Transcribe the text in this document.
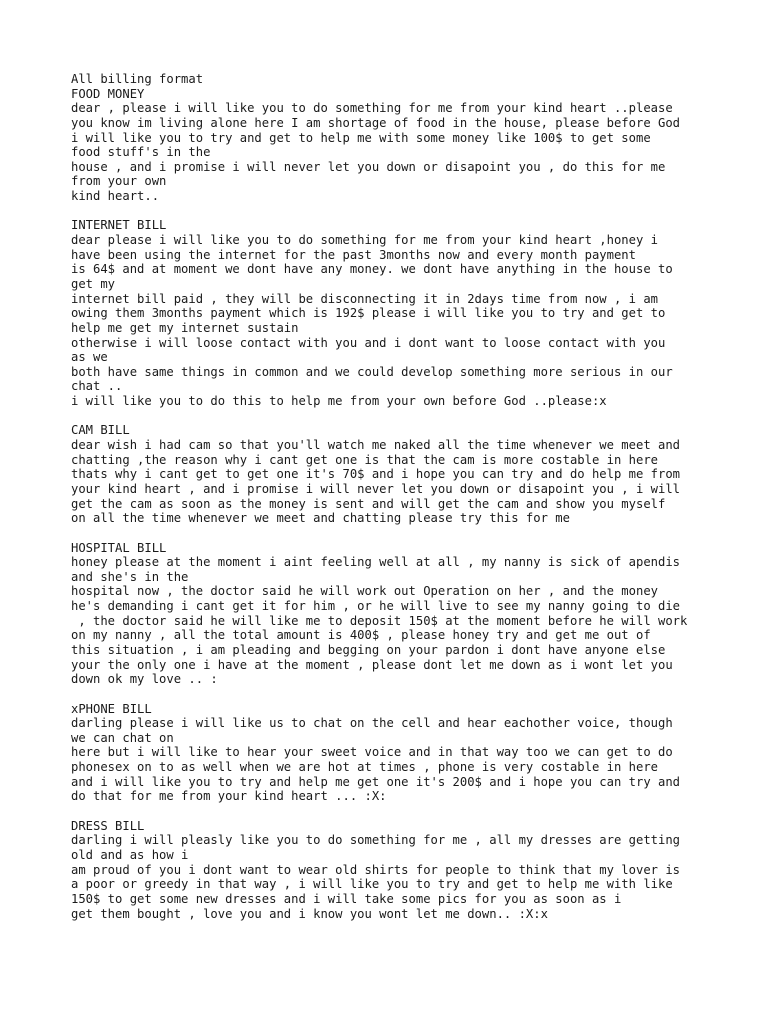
All billing format
FOOD MONEY
dear , please i will like you to do something for me from your kind heart ..please
you know im living alone here I am shortage of food in the house, please before God
i will like you to try and get to help me with some money like 100$ to get some
food stuff's in the
house , and i promise i will never let you down or disapoint you , do this for me
from your own
kind heart..
INTERNET BILL
dear please i will like you to do something for me from your kind heart ,honey i
have been using the internet for the past 3months now and every month payment
is 64$ and at moment we dont have any money. we dont have anything in the house to
get my
internet bill paid , they will be disconnecting it in 2days time from now , i am
owing them 3months payment which is 192$ please i will like you to try and get to
help me get my internet sustain
otherwise i will loose contact with you and i dont want to loose contact with you
as we
both have same things in common and we could develop something more serious in our
chat ..
i will like you to do this to help me from your own before God ..please:x
CAM BILL
dear wish i had cam so that you'll watch me naked all the time whenever we meet and
chatting ,the reason why i cant get one is that the cam is more costable in here
thats why i cant get to get one it's 70$ and i hope you can try and do help me from
your kind heart , and i promise i will never let you down or disapoint you , i will
get the cam as soon as the money is sent and will get the cam and show you myself
on all the time whenever we meet and chatting please try this for me
HOSPITAL BILL
honey please at the moment i aint feeling well at all , my nanny is sick of apendis
and she's in the
hospital now , the doctor said he will work out Operation on her , and the money
he's demanding i cant get it for him , or he will live to see my nanny going to die
, the doctor said he will like me to deposit 150$ at the moment before he will work
on my nanny , all the total amount is 400$ , please honey try and get me out of
this situation , i am pleading and begging on your pardon i dont have anyone else
your the only one i have at the moment , please dont let me down as i wont let you
down ok my love .. :
xPHONE BILL
darling please i will like us to chat on the cell and hear eachother voice, though
we can chat on
here but i will like to hear your sweet voice and in that way too we can get to do
phonesex on to as well when we are hot at times , phone is very costable in here
and i will like you to try and help me get one it's 200$ and i hope you can try and
do that for me from your kind heart ... :X:
DRESS BILL
darling i will pleasly like you to do something for me , all my dresses are getting
old and as how i
am proud of you i dont want to wear old shirts for people to think that my lover is
a poor or greedy in that way , i will like you to try and get to help me with like
150$ to get some new dresses and i will take some pics for you as soon as i
get them bought , love you and i know you wont let me down.. :X:x
